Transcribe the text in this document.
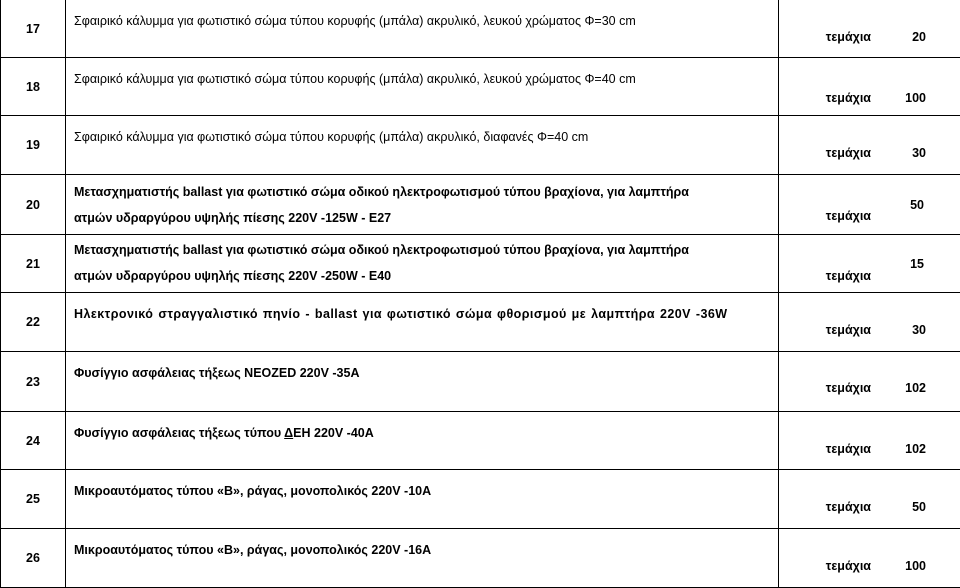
17	Σφαιρικό κάλυμμα για φωτιστικό σώμα τύπου κορυφής (μπάλα) ακρυλικό, λευκού χρώματος Φ=30 cm	τεμάχια	20

18	Σφαιρικό κάλυμμα για φωτιστικό σώμα τύπου κορυφής (μπάλα) ακρυλικό, λευκού χρώματος Φ=40 cm	τεμάχια	100

19	Σφαιρικό κάλυμμα για φωτιστικό σώμα τύπου κορυφής (μπάλα) ακρυλικό, διαφανές Φ=40 cm	τεμάχια	30

20	Μετασχηματιστής ballast για φωτιστικό σώμα οδικού ηλεκτροφωτισμού τύπου βραχίονα, για λαμπτήρα
ατμών υδραργύρου υψηλής πίεσης 220V -125W - Ε27	τεμάχια	50

21	Μετασχηματιστής ballast για φωτιστικό σώμα οδικού ηλεκτροφωτισμού τύπου βραχίονα, για λαμπτήρα
ατμών υδραργύρου υψηλής πίεσης 220V -250W - Ε40	τεμάχια	15

22	Ηλεκτρονικό στραγγαλιστικό πηνίο - ballast για φωτιστικό σώμα φθορισμού με λαμπτήρα 220V -36W	τεμάχια	30

23	Φυσίγγιο ασφάλειας τήξεως NEOZED 220V -35A	τεμάχια	102

24	Φυσίγγιο ασφάλειας τήξεως τύπου ΔΕΗ 220V -40A	τεμάχια	102

25	Μικροαυτόματος τύπου «Β», ράγας, μονοπολικός 220V -10A	τεμάχια	50

26	Μικροαυτόματος τύπου «Β», ράγας, μονοπολικός 220V -16A	τεμάχια	100
